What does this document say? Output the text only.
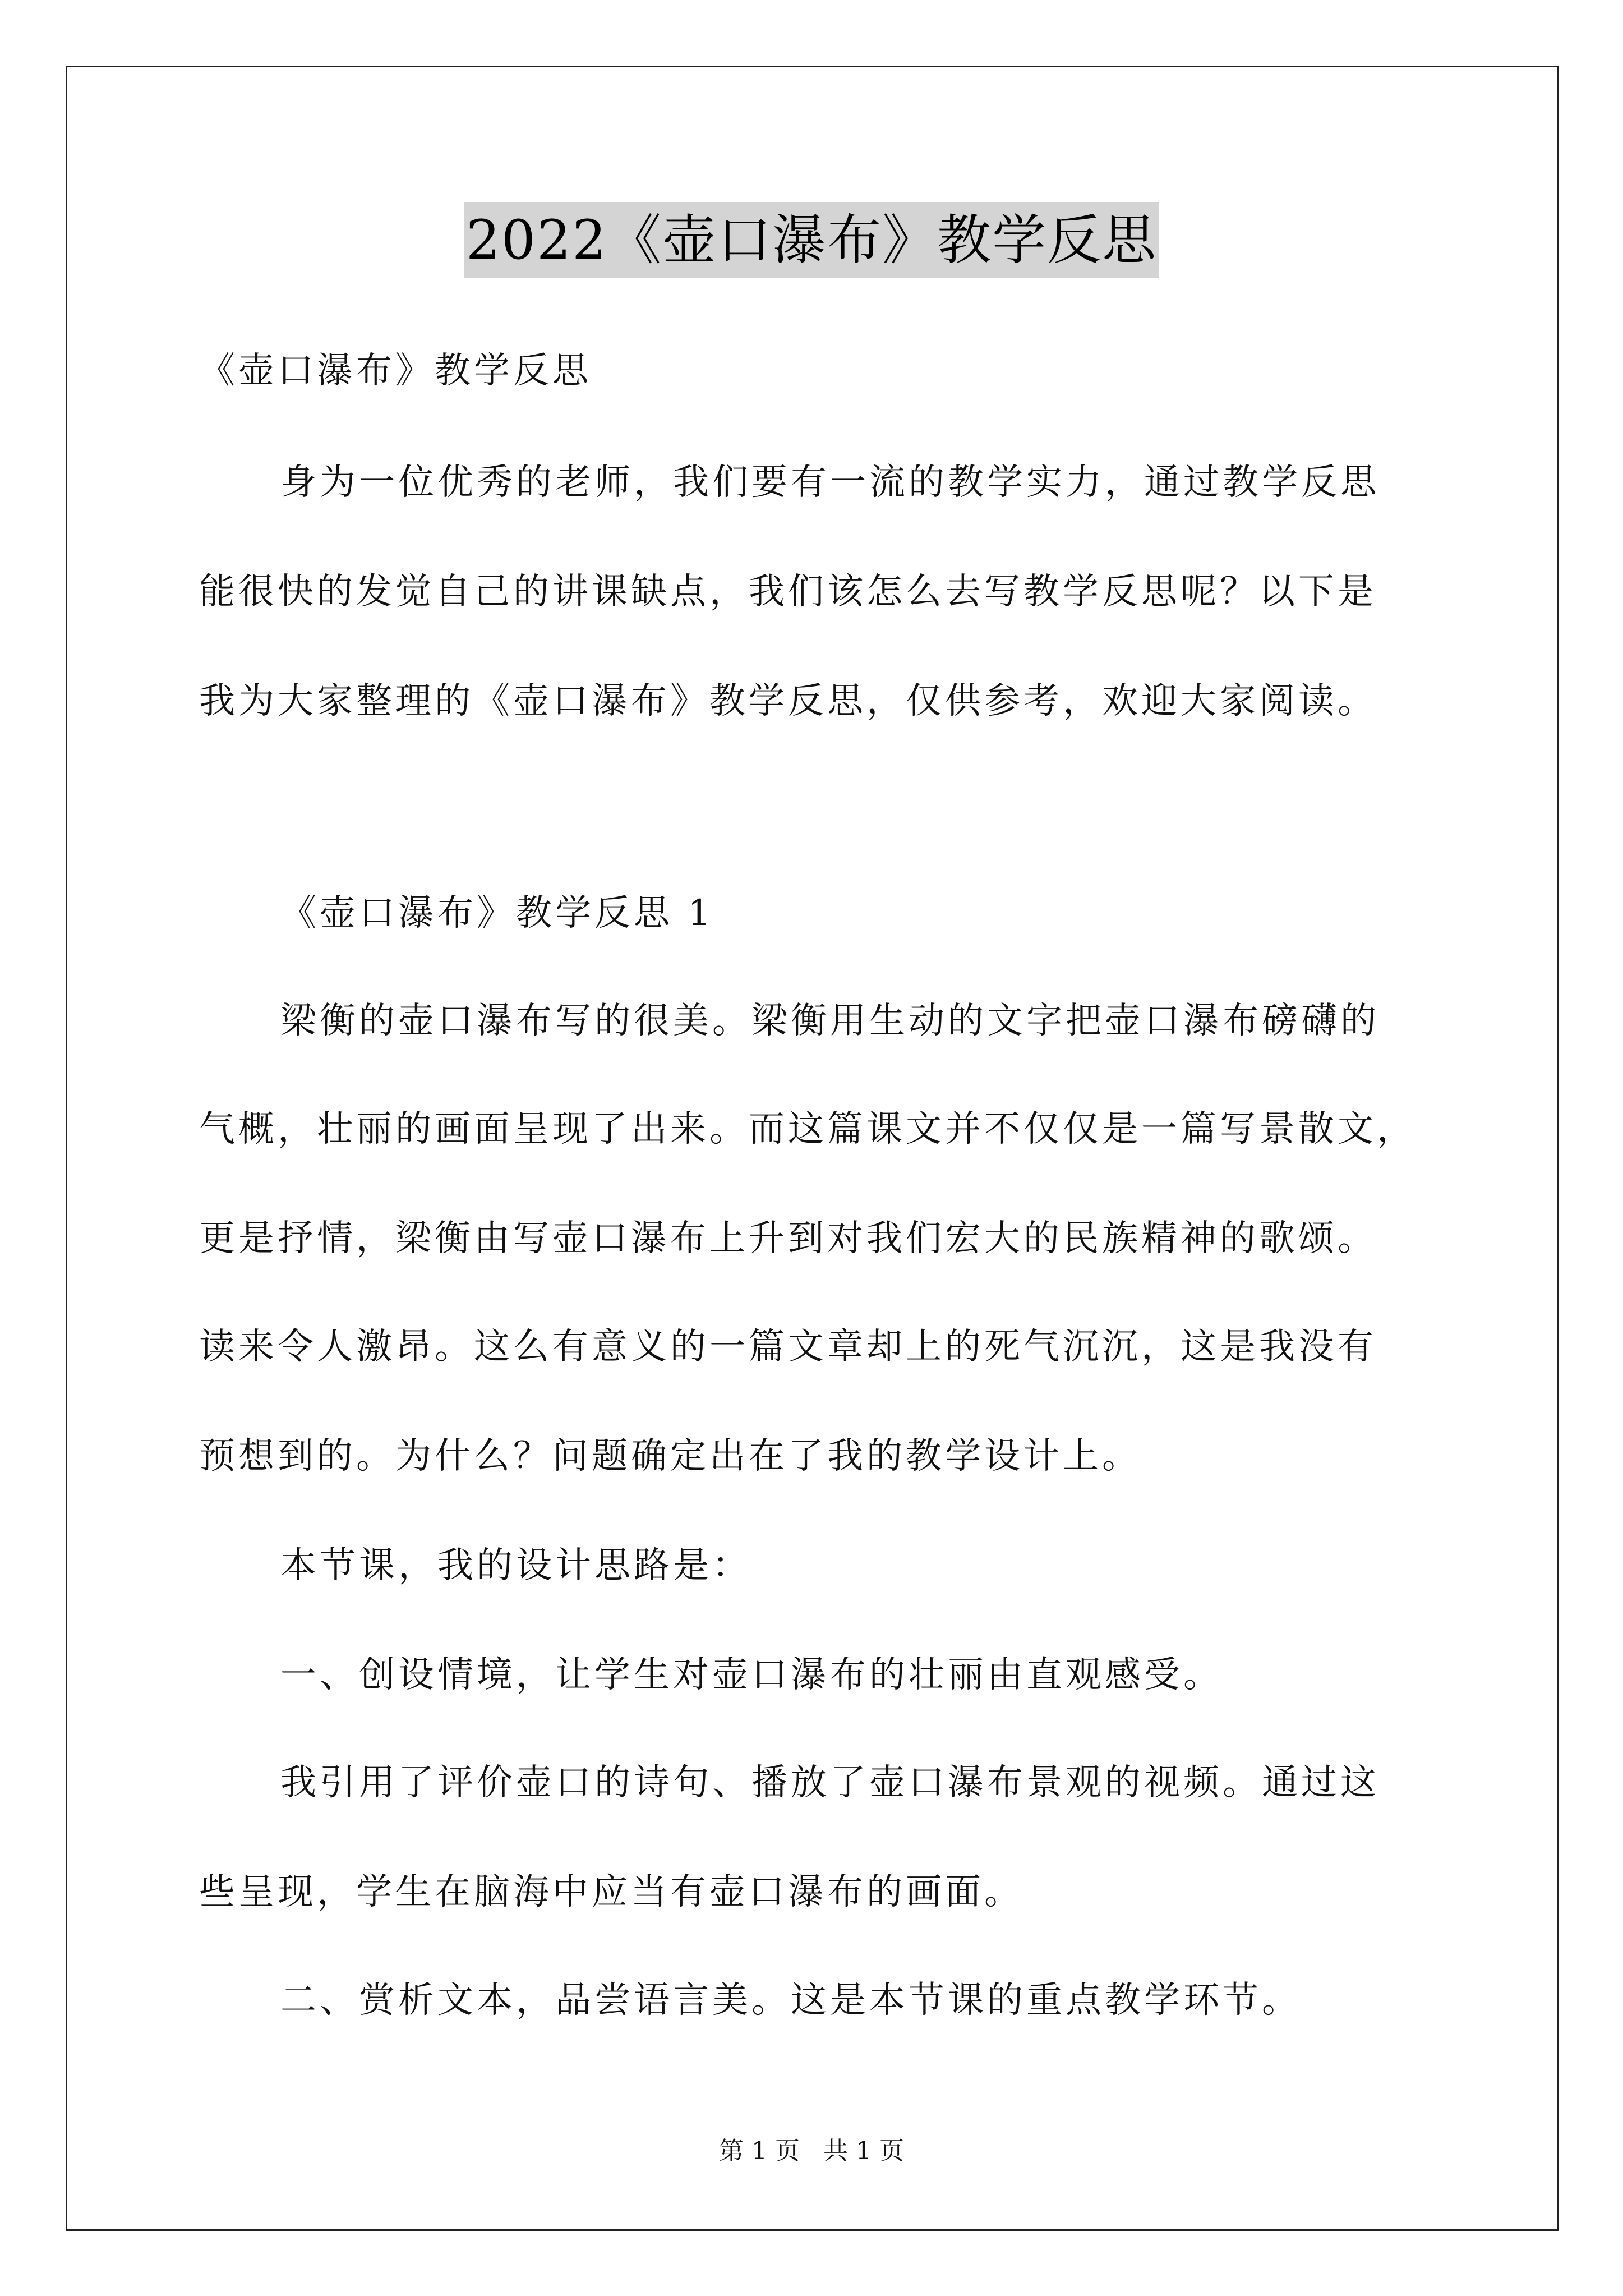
2022《壶口瀑布》教学反思
《壶口瀑布》教学反思
身为一位优秀的老师，我们要有一流的教学实力，通过教学反思
能很快的发觉自己的讲课缺点，我们该怎么去写教学反思呢？以下是
我为大家整理的《壶口瀑布》教学反思，仅供参考，欢迎大家阅读。
《壶口瀑布》教学反思 1
梁衡的壶口瀑布写的很美。梁衡用生动的文字把壶口瀑布磅礴的
气概，壮丽的画面呈现了出来。而这篇课文并不仅仅是一篇写景散文，
更是抒情，梁衡由写壶口瀑布上升到对我们宏大的民族精神的歌颂。
读来令人激昂。这么有意义的一篇文章却上的死气沉沉，这是我没有
预想到的。为什么？问题确定出在了我的教学设计上。
本节课，我的设计思路是：
一、创设情境，让学生对壶口瀑布的壮丽由直观感受。
我引用了评价壶口的诗句、播放了壶口瀑布景观的视频。通过这
些呈现，学生在脑海中应当有壶口瀑布的画面。
二、赏析文本，品尝语言美。这是本节课的重点教学环节。
第 1 页 共 1 页
